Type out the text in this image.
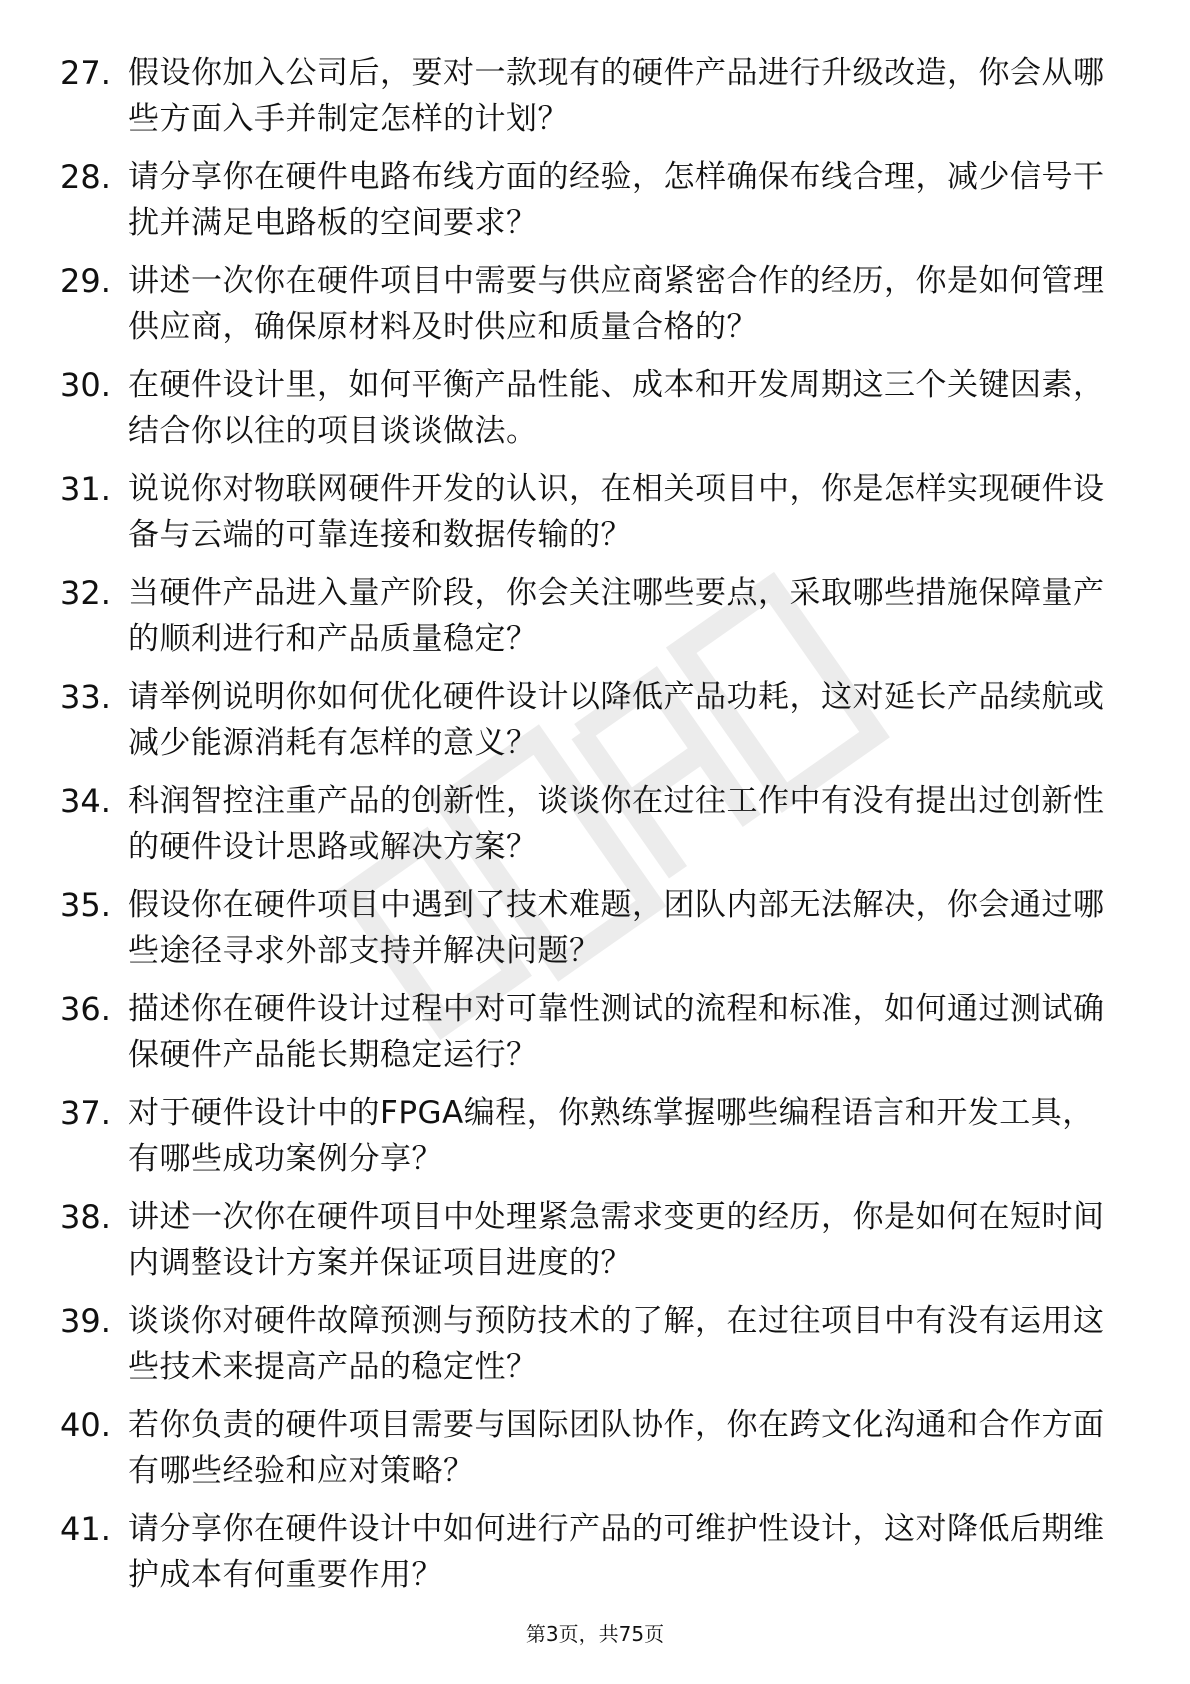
27. 假设你加入公司后，要对一款现有的硬件产品进行升级改造，你会从哪些方面入手并制定怎样的计划？
28. 请分享你在硬件电路布线方面的经验，怎样确保布线合理，减少信号干扰并满足电路板的空间要求？
29. 讲述一次你在硬件项目中需要与供应商紧密合作的经历，你是如何管理供应商，确保原材料及时供应和质量合格的？
30. 在硬件设计里，如何平衡产品性能、成本和开发周期这三个关键因素，结合你以往的项目谈谈做法。
31. 说说你对物联网硬件开发的认识，在相关项目中，你是怎样实现硬件设备与云端的可靠连接和数据传输的？
32. 当硬件产品进入量产阶段，你会关注哪些要点，采取哪些措施保障量产的顺利进行和产品质量稳定？
33. 请举例说明你如何优化硬件设计以降低产品功耗，这对延长产品续航或减少能源消耗有怎样的意义？
34. 科润智控注重产品的创新性，谈谈你在过往工作中有没有提出过创新性的硬件设计思路或解决方案？
35. 假设你在硬件项目中遇到了技术难题，团队内部无法解决，你会通过哪些途径寻求外部支持并解决问题？
36. 描述你在硬件设计过程中对可靠性测试的流程和标准，如何通过测试确保硬件产品能长期稳定运行？
37. 对于硬件设计中的FPGA编程，你熟练掌握哪些编程语言和开发工具，有哪些成功案例分享？
38. 讲述一次你在硬件项目中处理紧急需求变更的经历，你是如何在短时间内调整设计方案并保证项目进度的？
39. 谈谈你对硬件故障预测与预防技术的了解，在过往项目中有没有运用这些技术来提高产品的稳定性？
40. 若你负责的硬件项目需要与国际团队协作，你在跨文化沟通和合作方面有哪些经验和应对策略？
41. 请分享你在硬件设计中如何进行产品的可维护性设计，这对降低后期维护成本有何重要作用？
第3页，共75页
